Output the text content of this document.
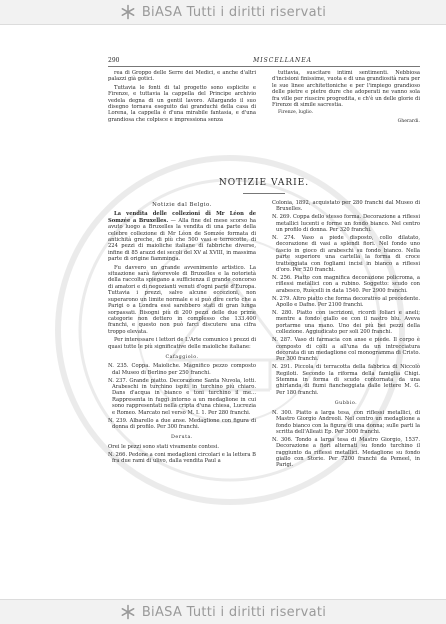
BiASA Tutti i diritti riservati
290	MISCELLANEA

rea di Groppo delle Serre dei Medici, e anche d'altri palazzi già gotici.

Tuttavia le fonti di tal progetto sono esplicite e Firenze, e tuttavia la cappella del Principe archivio vedela degna di un gentil lavoro. Allargando il suo disegno tornava eseguito dai granduchi della casa di Lorena, la cappella è d'una mirabile fantasia, e d'una grandiosa che colpisce e impressiona senza

tuttavia, suscitare intimi sentimenti. Nebbiosa d'incisioni finissime, vuota e di una grandiosità rara per le sue linee architettoniche e per l'impiego grandioso delle pietre e pietre dure che adoperati ne vanno sola fra ville per riuscire progredita, e ch'è un delle glorie di Firenze di simile sacrestia.

Firenze, luglio.

Gherardi.
NOTIZIE VARIE.
Notizie dal Belgio.

La vendita delle collezioni di Mr Léon de Somzée a Bruxelles. — Alla fine del mese scorso ha avuto luogo a Bruxelles la vendita di una parte della celebre collezione di Mr Léon de Somzée formata di antichità greche, di più che 500 vasi e terrecotte, di 224 pezzi di maioliche italiane di fabbriche diverse, infine di 85 arazzi dei secoli del XV al XVIII, in massima parte di origine fiamminga.

Fu davvero un grande avvenimento artistico. La situazione sarà favorevole di Bruxelles e la notorietà della raccolta spiegano a sufficienza il grande concorso di amatori e di negozianti venuti d'ogni parte d'Europa. Tuttavia i prezzi, salvo alcune eccezioni, non superarono un limite normale e si può dire certo che a Parigi o a Londra essi sarebbero stati di gran lunga sorpassati. Bisogni più di 200 pezzi delle due prime categorie non dettero in complesso che 133.400 franchi, e questo non può farci discutere una cifra troppo elevata.

Per interessare i lettori de L'Arte comunico i prezzi di quasi tutte le più significative delle maioliche italiane:

Cafaggiolo.

N. 235. Coppa. Maioliche. Magnifico pezzo composto dal Museo di Berlino per 250 franchi.

N. 237. Grande piatto. Decorazione Santa Nuvola, lotti. Arabeschi in turchino ispiti in turchino più chiaro. Dans d'acqua in bianco e toni turchino il me... Rappresenta in fuggi intorno a un medaglione in cui sono rappresentati nella cripta d'una chiesa, Lucrezia e Romeo. Marcato nel verso M. I. 1. Per 280 franchi.

N. 239. Albarello a due anse. Medaglione con figura di donna di profilo. Per 300 franchi.

Deruta.

Orei le pezzi sono stati vivamente contesi.

N. 266. Pedone a coni medaglioni circolari e la lettera B fra due rami di ulivo, dalla vendita Paul a

Colonia, 1892, acquistato per 280 franchi dal Museo di Bruxelles.

N. 269. Coppa dello stesso forma. Decorazione a riflessi metallici lucenti e forme un fondo bianco. Nel centro un profilo di donna. Per 320 franchi.

N. 274. Vaso a piede disposto, collo dilatato, decorazione di vasi a splendi fiori. Nel fondo uno fascio in gioco di arabeschi su fondo bianco. Nella parte superiore una cartella la forma di croce tratteggiata con fogliami incisi in bianco a riflessi d'oro. Per 520 franchi.

N. 256. Piatto con magnifica decorazione policroma, a riflessi metallici con a rubino. Soggetto: scudo con arabesco, Ruscelli in data 1540. Per 2900 franchi.

N. 279. Altro piatto che forma decorativo al precedente. Apollo e Dafne. Per 2100 franchi.

N. 280. Piatto con iscrizioni, ricordi foliari e aneli; mentre a fondo giallo ee con il nastro blu. Aveva portarme una mano. Uno dei più bei pezzi della collezione. Aggiudicato per soli 200 franchi.

N. 287. Vaso di farmacia con anse e piede. Il corpo è composto di colli a all'una da un intrecciatura decorata di un medaglione col monogramma di Cristo. Per 300 franchi.

N. 291. Piccola di terracotta della fabbrica di Niccolò Regiloti. Secondo la riforma della famiglia Chigi. Stemma in forma di scudo contornata da una ghirlanda di fiumi fiancheggiata dalle lettere M. G. Per 180 franchi.

Gubbio.

N. 300. Piatto a larga tesa, con riflessi metallici, di Mastro Giorgio Andreoli. Nel centro un medaglione a fondo bianco con la figura di una donna; sulle parti la scritta dell'Alleati Ep. Per 3000 franchi.

N. 306. Tondo a larga tesa di Mastro Giorgio, 1537. Decorazione a fiori alternati su fondo turchino il raggiunto da riflessi metallici. Medaglione su fondo giallo con Storie. Per 7200 franchi da Pemeel, in Parigi.

BiASA Tutti i diritti riservati
